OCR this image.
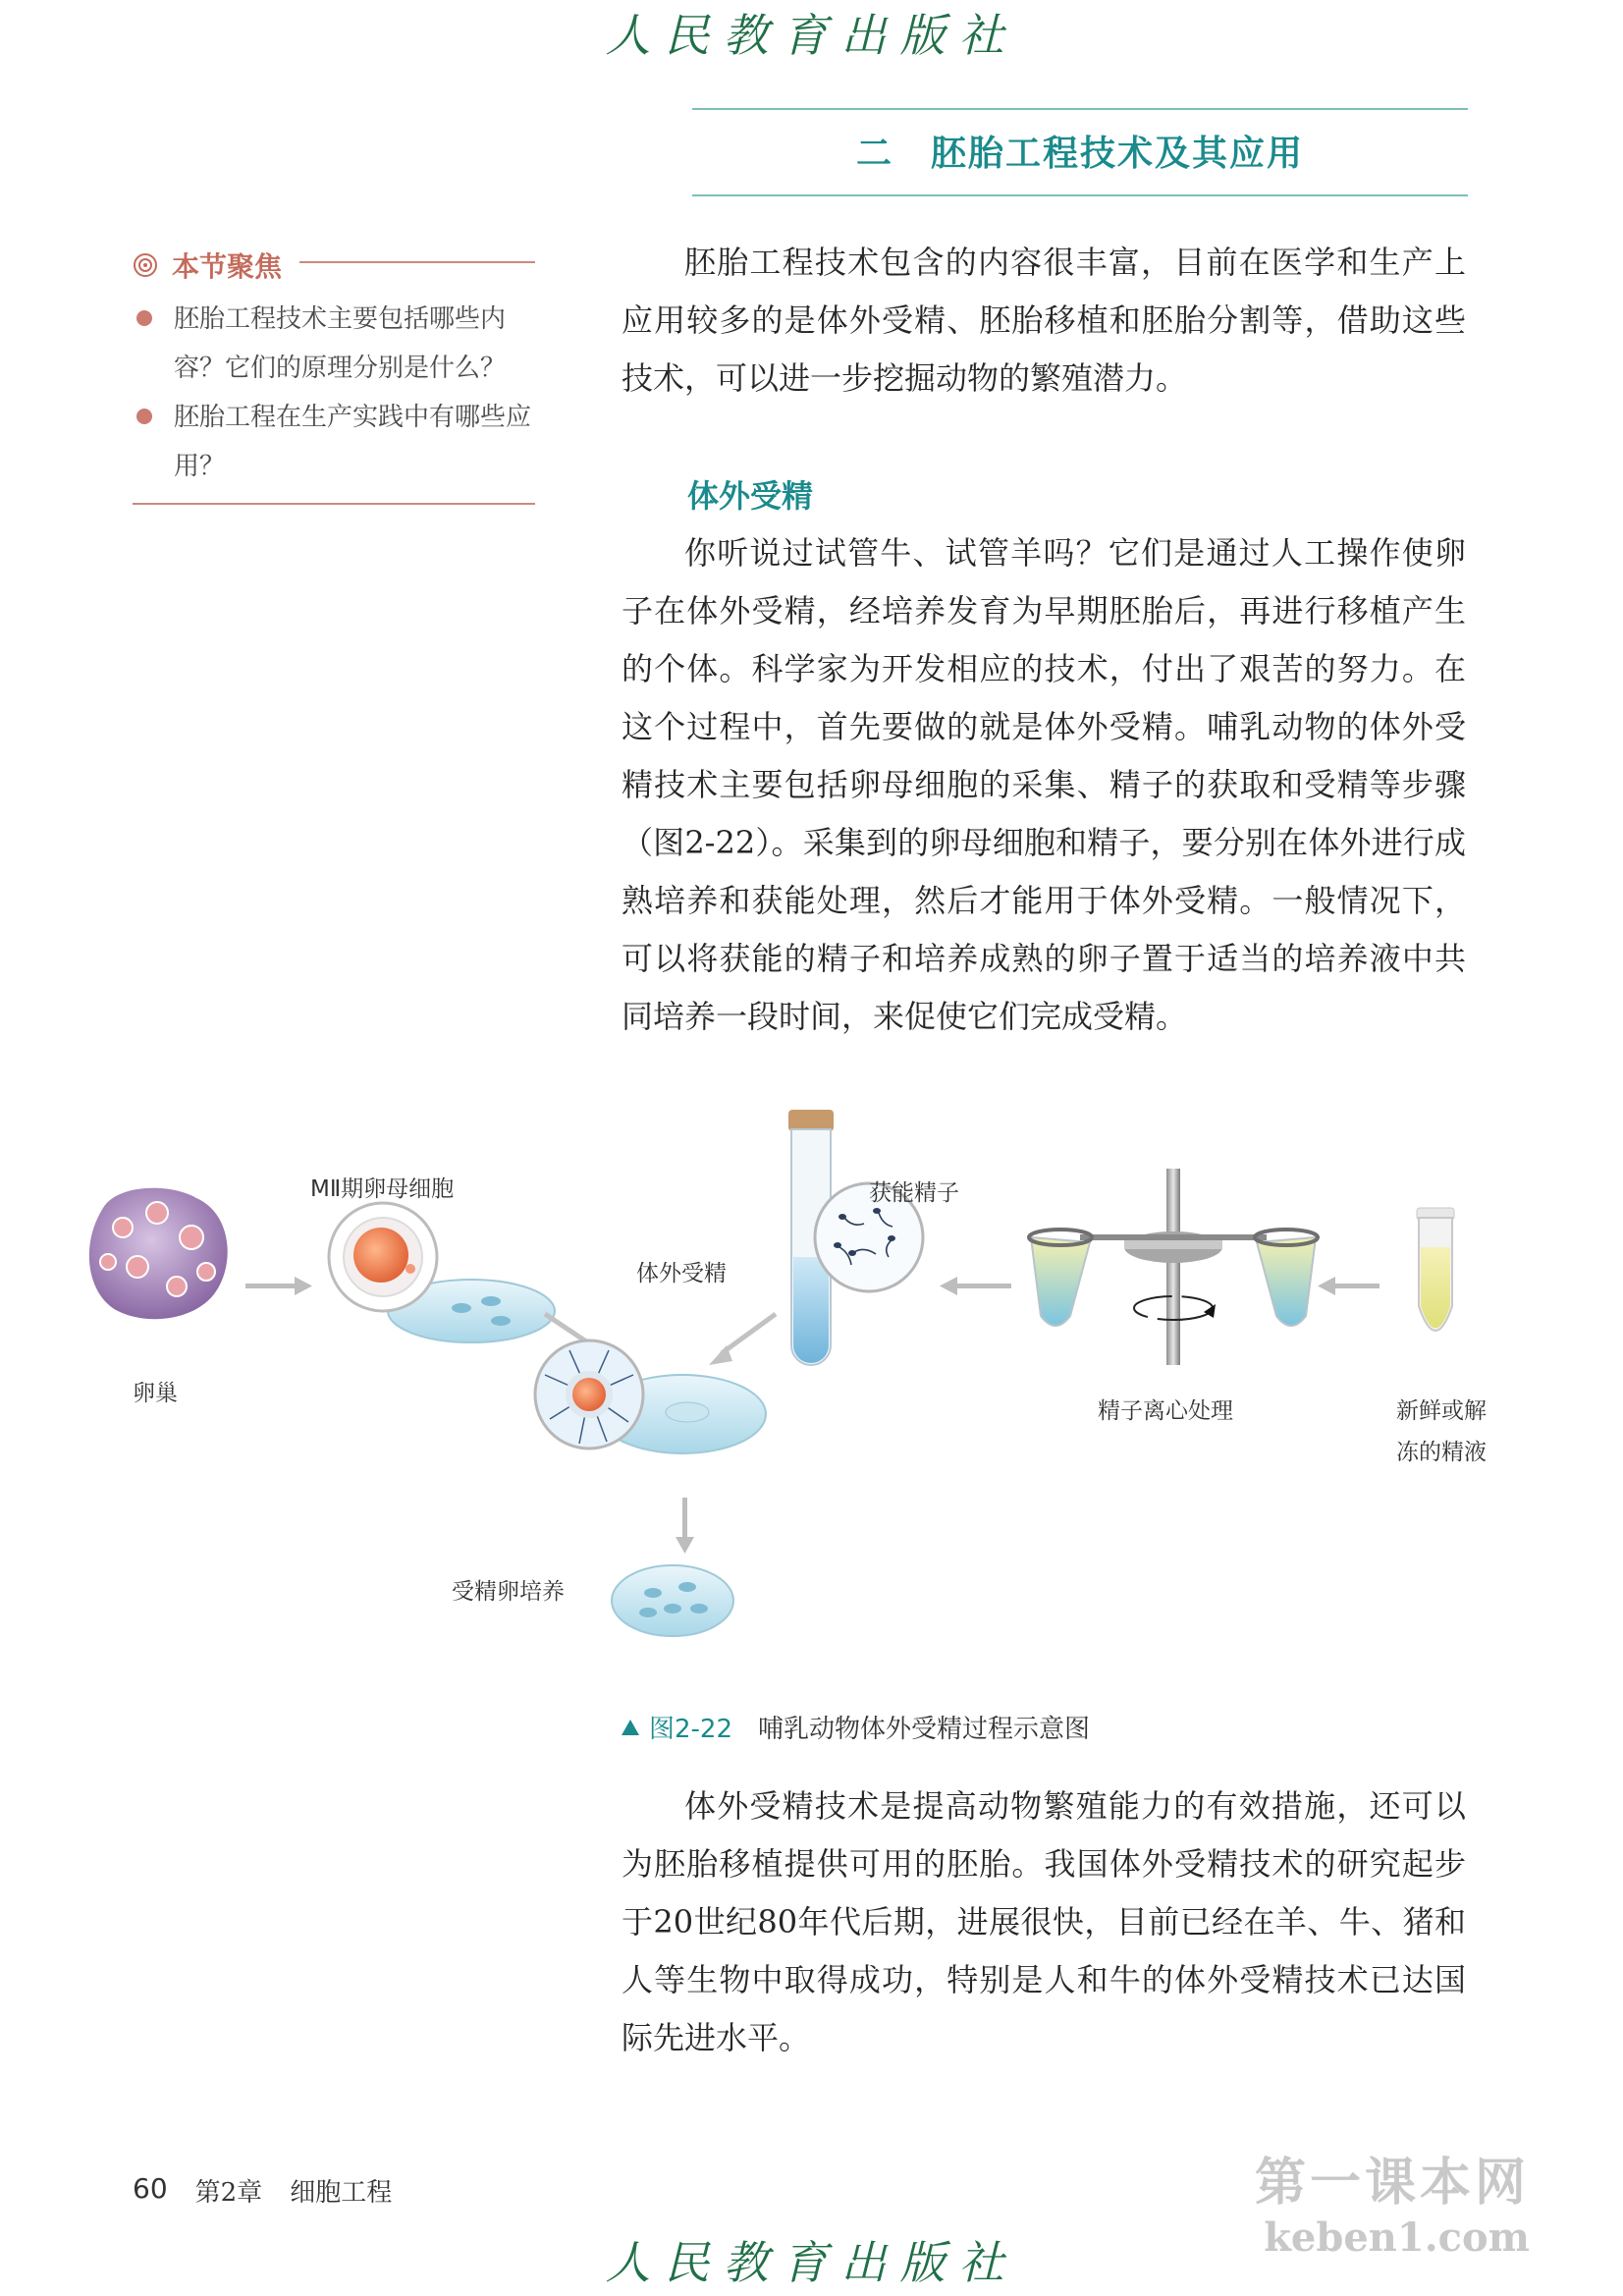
人民教育出版社
二　胚胎工程技术及其应用
本节聚焦
胚胎工程技术主要包括哪些内容？它们的原理分别是什么？
胚胎工程在生产实践中有哪些应用？

胚胎工程技术包含的内容很丰富，目前在医学和生产上应用较多的是体外受精、胚胎移植和胚胎分割等，借助这些技术，可以进一步挖掘动物的繁殖潜力。

体外受精

你听说过试管牛、试管羊吗？它们是通过人工操作使卵子在体外受精，经培养发育为早期胚胎后，再进行移植产生的个体。科学家为开发相应的技术，付出了艰苦的努力。在这个过程中，首先要做的就是体外受精。哺乳动物的体外受精技术主要包括卵母细胞的采集、精子的获取和受精等步骤（图2-22）。采集到的卵母细胞和精子，要分别在体外进行成熟培养和获能处理，然后才能用于体外受精。一般情况下，可以将获能的精子和培养成熟的卵子置于适当的培养液中共同培养一段时间，来促使它们完成受精。

卵巢
MⅡ期卵母细胞
体外受精
获能精子
精子离心处理	新鲜或解
冻的精液
受精卵培养
图2-22 哺乳动物体外受精过程示意图

体外受精技术是提高动物繁殖能力的有效措施，还可以为胚胎移植提供可用的胚胎。我国体外受精技术的研究起步于20世纪80年代后期，进展很快，目前已经在羊、牛、猪和人等生物中取得成功，特别是人和牛的体外受精技术已达国际先进水平。

60 第2章 细胞工程	第一课本网
keben1.com
人民教育出版社
